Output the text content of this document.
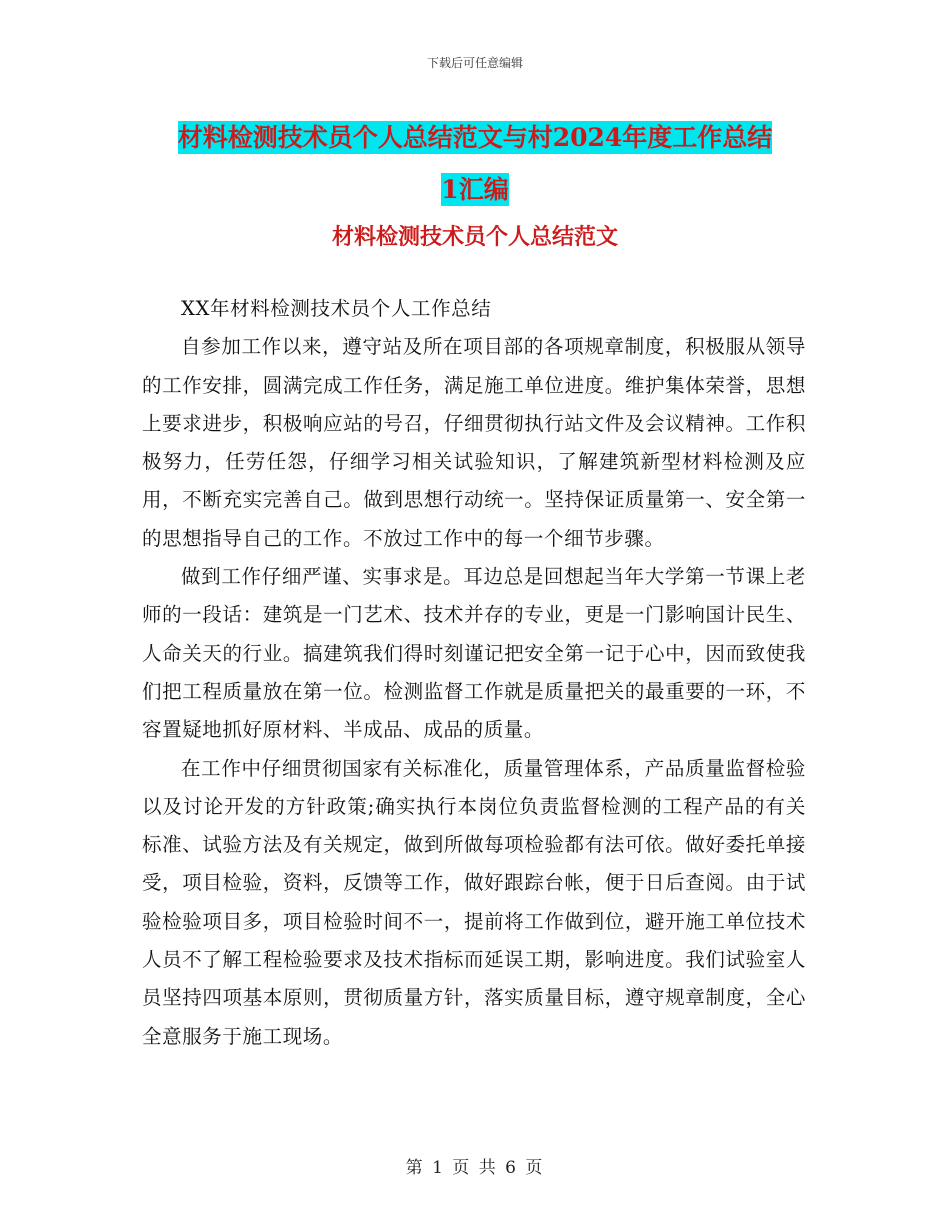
下载后可任意编辑
材料检测技术员个人总结范文与村2024年度工作总结
1汇编
材料检测技术员个人总结范文

XX年材料检测技术员个人工作总结

自参加工作以来，遵守站及所在项目部的各项规章制度，积极服从领导的工作安排，圆满完成工作任务，满足施工单位进度。维护集体荣誉，思想上要求进步，积极响应站的号召，仔细贯彻执行站文件及会议精神。工作积极努力，任劳任怨，仔细学习相关试验知识，了解建筑新型材料检测及应用，不断充实完善自己。做到思想行动统一。坚持保证质量第一、安全第一的思想指导自己的工作。不放过工作中的每一个细节步骤。

做到工作仔细严谨、实事求是。耳边总是回想起当年大学第一节课上老师的一段话：建筑是一门艺术、技术并存的专业，更是一门影响国计民生、人命关天的行业。搞建筑我们得时刻谨记把安全第一记于心中，因而致使我们把工程质量放在第一位。检测监督工作就是质量把关的最重要的一环，不容置疑地抓好原材料、半成品、成品的质量。

在工作中仔细贯彻国家有关标准化，质量管理体系，产品质量监督检验以及讨论开发的方针政策;确实执行本岗位负责监督检测的工程产品的有关标准、试验方法及有关规定，做到所做每项检验都有法可依。做好委托单接受，项目检验，资料，反馈等工作，做好跟踪台帐，便于日后查阅。由于试验检验项目多，项目检验时间不一，提前将工作做到位，避开施工单位技术人员不了解工程检验要求及技术指标而延误工期，影响进度。我们试验室人员坚持四项基本原则，贯彻质量方针，落实质量目标，遵守规章制度，全心全意服务于施工现场。

第 1 页 共 6 页
